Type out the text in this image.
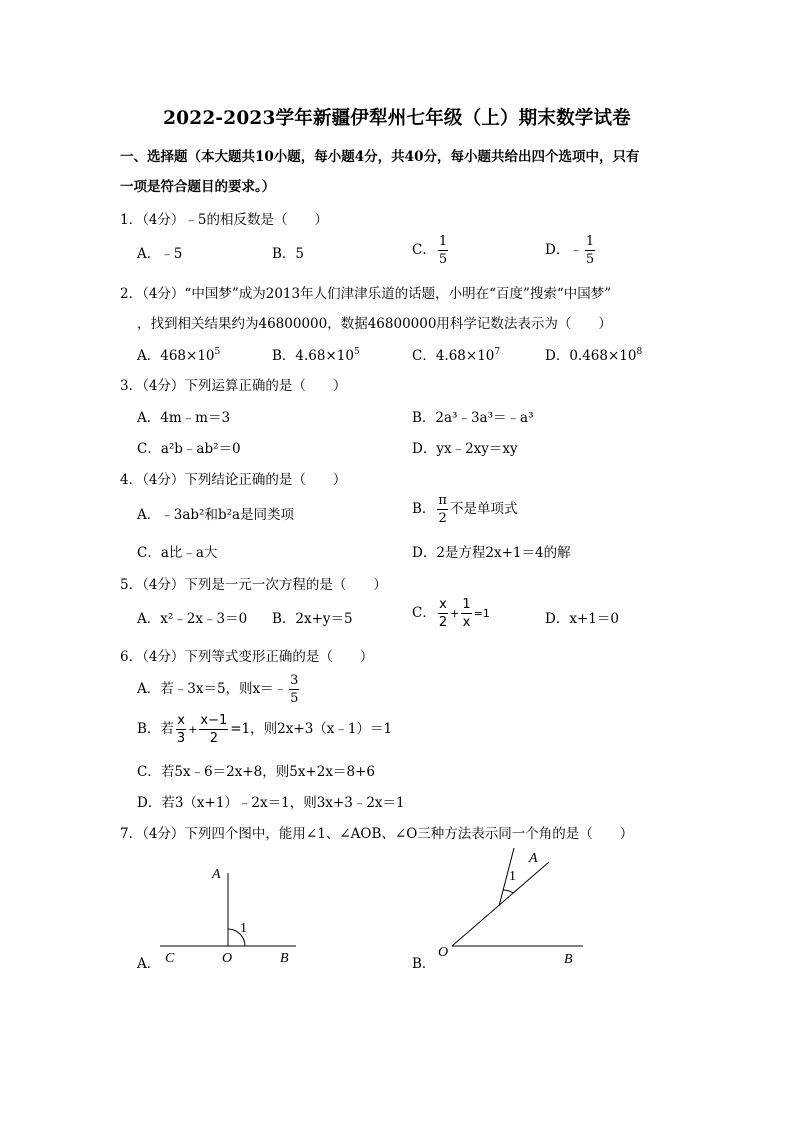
2022-2023学年新疆伊犁州七年级（上）期末数学试卷
一、选择题（本大题共10小题，每小题4分，共40分，每小题共给出四个选项中，只有
一项是符合题目的要求。）
1．（4分）﹣5的相反数是（　　）
A．﹣5	B．5	C． $\frac{1}{5}$	D．﹣ $\frac{1}{5}$
2．（4分）“中国梦”成为2013年人们津津乐道的话题，小明在“百度”搜索“中国梦”
，找到相关结果约为46800000，数据46800000用科学记数法表示为（　　）
A．$468\times 10^5$	B．$4.68\times 10^5$	C．$4.68\times 10^7$	D．$0.468\times 10^8$
3．（4分）下列运算正确的是（　　）
A．4m﹣m＝3	B．2a³﹣3a³＝﹣a³
C．a²b﹣ab²＝0	D．yx﹣2xy＝xy
4．（4分）下列结论正确的是（　　）
A．﹣3ab²和b²a是同类项	B． $\frac{\pi}{2}$ 不是单项式
C．a比﹣a大	D．2是方程2x+1＝4的解
5．（4分）下列是一元一次方程的是（　　）
A．x²﹣2x﹣3＝0 B．2x+y＝5	C． $\frac{x}{2} + \frac{1}{x} =1$	D．x+1＝0
6．（4分）下列等式变形正确的是（　　）
A．若﹣3x＝5，则x＝﹣ $\frac{3}{5}$
B．若 $\frac{x}{3} + \frac{x-1}{2} =1$，则2x+3（x﹣1）＝1
C．若5x﹣6＝2x+8，则5x+2x＝8+6
D．若3（x+1）﹣2x＝1，则3x+3﹣2x＝1
7．（4分）下列四个图中，能用∠1、∠AOB、∠O三种方法表示同一个角的是（　　）
A．
A
1
C	O	B
A
1
O	B
B．
